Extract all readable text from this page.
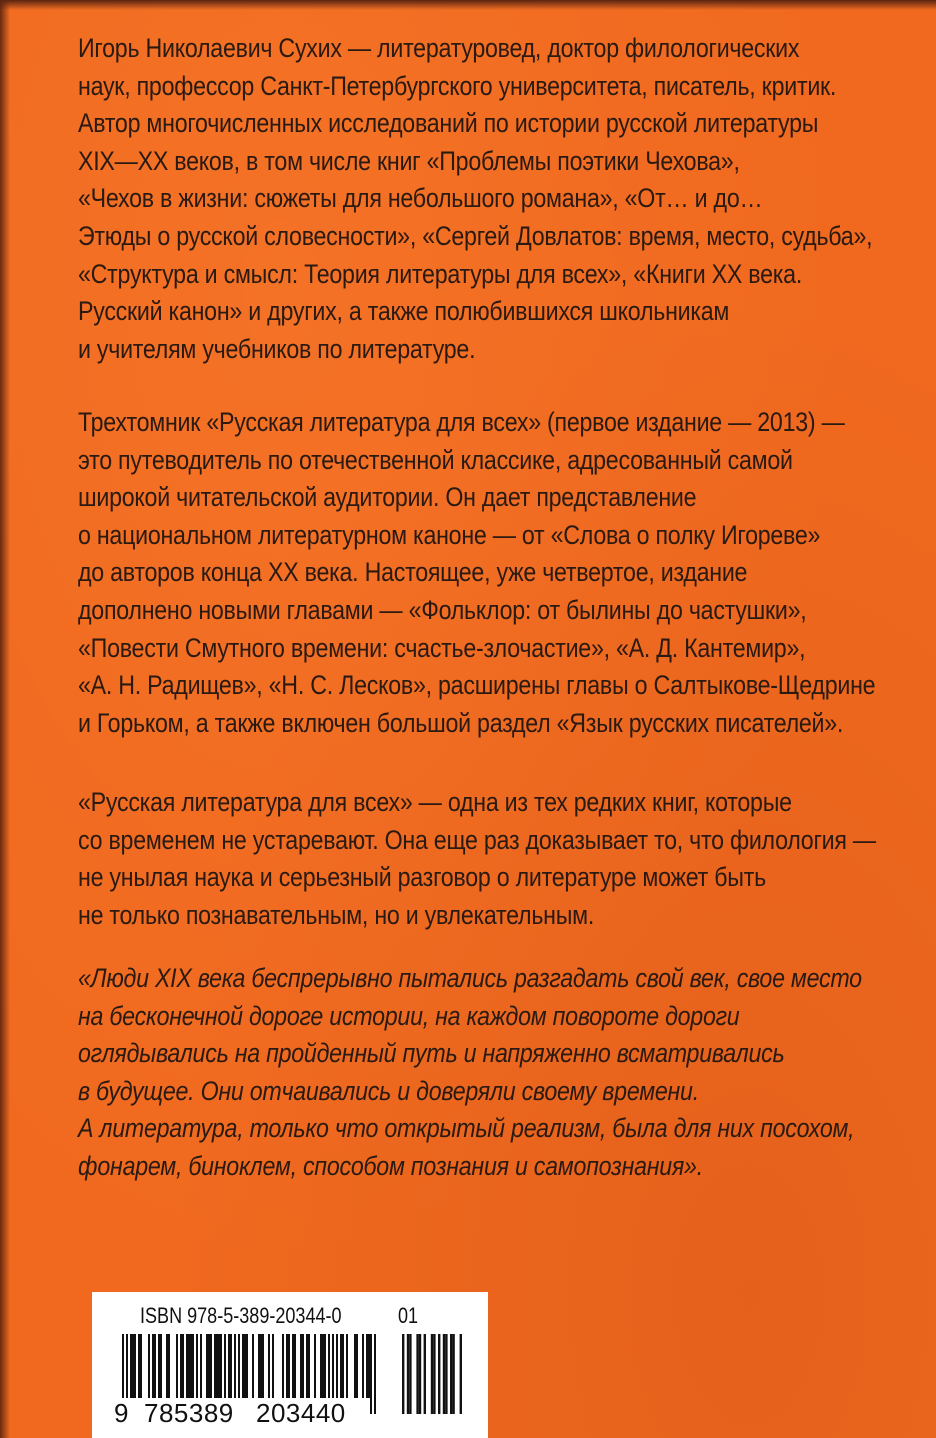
Игорь Николаевич Сухих — литературовед, доктор филологических
наук, профессор Санкт-Петербургского университета, писатель, критик.
Автор многочисленных исследований по истории русской литературы
XIX—XX веков, в том числе книг «Проблемы поэтики Чехова»,
«Чехов в жизни: сюжеты для небольшого романа», «От… и до…
Этюды о русской словесности», «Сергей Довлатов: время, место, судьба»,
«Структура и смысл: Теория литературы для всех», «Книги XX века.
Русский канон» и других, а также полюбившихся школьникам
и учителям учебников по литературе.

Трехтомник «Русская литература для всех» (первое издание — 2013) —
это путеводитель по отечественной классике, адресованный самой
широкой читательской аудитории. Он дает представление
о национальном литературном каноне — от «Слова о полку Игореве»
до авторов конца XX века. Настоящее, уже четвертое, издание
дополнено новыми главами — «Фольклор: от былины до частушки»,
«Повести Смутного времени: счастье-злочастие», «А. Д. Кантемир»,
«А. Н. Радищев», «Н. С. Лесков», расширены главы о Салтыкове-Щедрине
и Горьком, а также включен большой раздел «Язык русских писателей».

«Русская литература для всех» — одна из тех редких книг, которые
со временем не устаревают. Она еще раз доказывает то, что филология —
не унылая наука и серьезный разговор о литературе может быть
не только познавательным, но и увлекательным.

«Люди XIX века беспрерывно пытались разгадать свой век, свое место
на бесконечной дороге истории, на каждом повороте дороги
оглядывались на пройденный путь и напряженно всматривались
в будущее. Они отчаивались и доверяли своему времени.
А литература, только что открытый реализм, была для них посохом,
фонарем, биноклем, способом познания и самопознания».

ISBN 978-5-389-20344-0	01
9 785389 203440
